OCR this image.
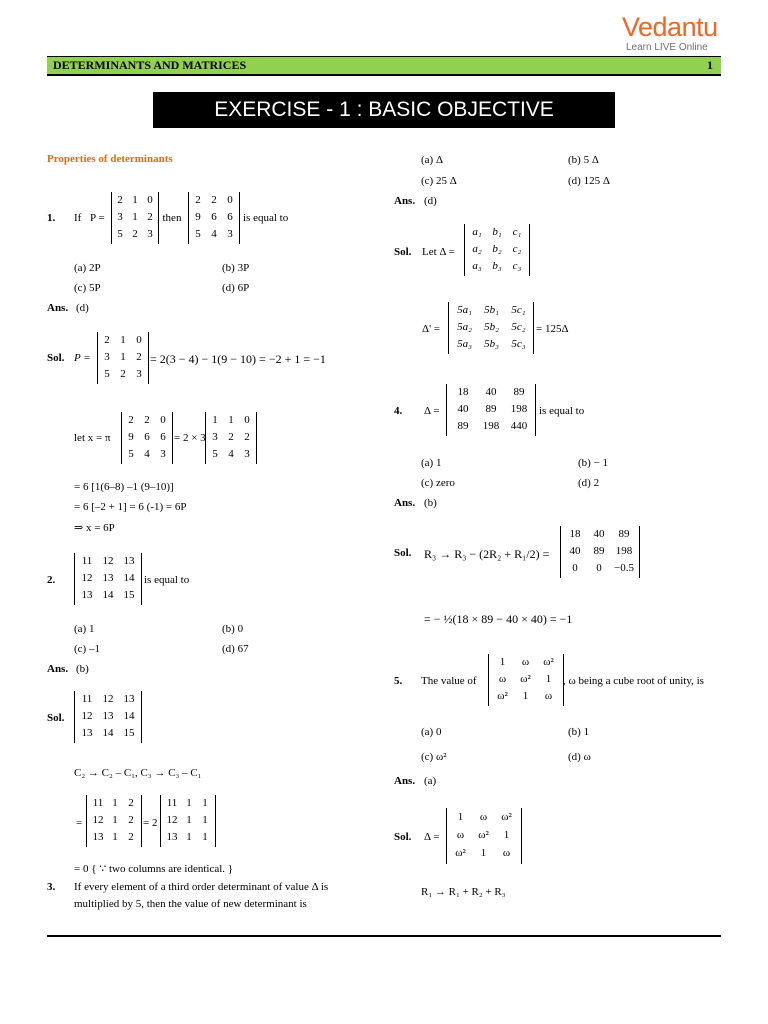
Vedantu
Learn LIVE Online
DETERMINANTS AND MATRICES	1
EXERCISE - 1 : BASIC OBJECTIVE QUESTIONS
Properties of determinants
1. If P =
2 1 0
3 1 2
5 2 3
, then
2 2 0
9 6 6
5 4 3
is equal to
(a) 2P	(b) 3P
(c) 5P	(d) 6P
Ans. (d)
Sol. P =
2 1 0
3 1 2
5 2 3
= 2(3 − 4) − 1(9 − 10) = −2 + 1 = −1
let x = π
2 2 0
9 6 6
5 4 3
= 2 × 3
1 1 0
3 2 2
5 4 3
= 6 [1(6–8) –1 (9–10)]
= 6 [–2 + 1] = 6 (-1) = 6P
⇒ x = 6P
2.
11 12 13
12 13 14
13 14 15
is equal to
(a) 1	(b) 0
(c) –1	(d) 67
Ans. (b)
Sol.
11 12 13
12 13 14
13 14 15
C₂ → C₂ – C₁, C₃ → C₃ – C₁
=
11 1 2
12 1 2
13 1 2
= 2
11 1 1
12 1 1
13 1 1
= 0 { ∵ two columns are identical. }
3. If every element of a third order determinant of value Δ is
multiplied by 5, then the value of new determinant is
(a) Δ	(b) 5 Δ
(c) 25 Δ	(d) 125 Δ
Ans. (d)
Sol. Let Δ =
a₁ b₁ c₁
a₂ b₂ c₂
a₃ b₃ c₃
Δ' =
5a₁	5b₁	5c₁
5a₂	5b₂	5c₂
5a₃	5b₃	5c₃
= 125Δ
4. Δ =
18	40	89
40	89	198
89	198	440
is equal to
(a) 1	(b) − 1
(c) zero	(d) 2
Ans. (b)
Sol. R₃ → R₃ − (2R₂ + R₁/2) =
18	40	89
40	89	198
0	0	−0.5
= − ½(18 × 89 − 40 × 40) = −1
5. The value of
1	ω	ω²
ω	ω²	1
ω²	1	ω
, ω being a cube root of unity, is
(a) 0	(b) 1
(c) ω²	(d) ω
Ans. (a)
Sol. Δ =
1	ω	ω²
ω	ω²	1
ω²	1	ω
R₁ → R₁ + R₂ + R₃
